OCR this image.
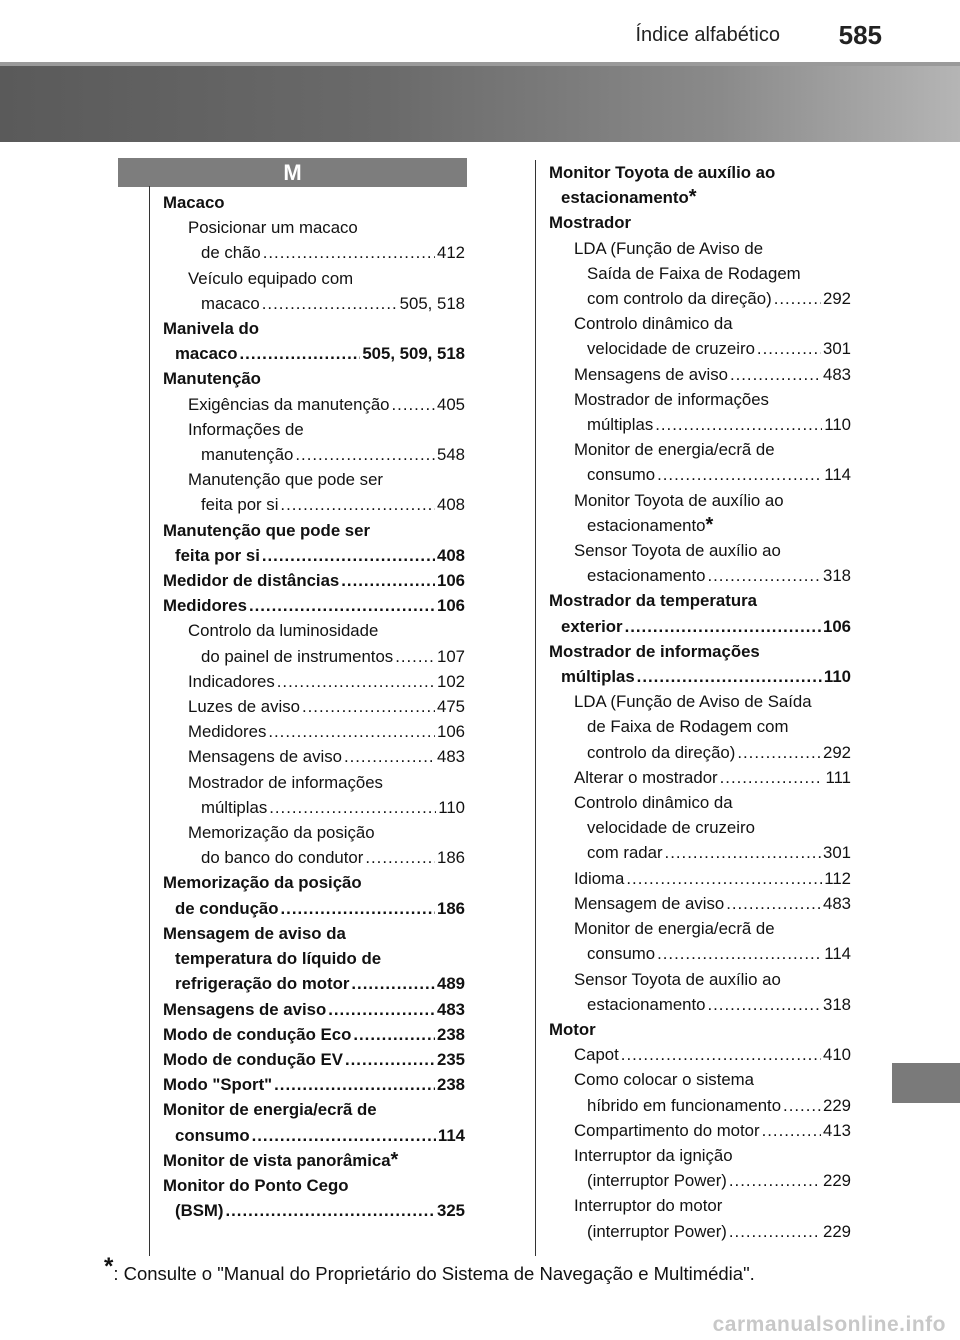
Índice alfabético 585
M
Macaco
Posicionar um macaco
de chão .....	412
Veículo equipado com
macaco .....	505, 518
Manivela do
macaco .....	505, 509, 518
Manutenção
Exigências da manutenção .....	405
Informações de
manutenção .....	548
Manutenção que pode ser
feita por si .....	408
Manutenção que pode ser
feita por si .....	408
Medidor de distâncias .....	106
Medidores .....	106
Controlo da luminosidade
do painel de instrumentos .....	107
Indicadores .....	102
Luzes de aviso .....	475
Medidores .....	106
Mensagens de aviso .....	483
Mostrador de informações
múltiplas .....	110
Memorização da posição
do banco do condutor .....	186
Memorização da posição
de condução .....	186
Mensagem de aviso da
temperatura do líquido de
refrigeração do motor .....	489
Mensagens de aviso .....	483
Modo de condução Eco .....	238
Modo de condução EV .....	235
Modo "Sport" .....	238
Monitor de energia/ecrã de
consumo .....	114
Monitor de vista panorâmica *
Monitor do Ponto Cego
(BSM) .....	325
Monitor Toyota de auxílio ao
estacionamento *
Mostrador
LDA (Função de Aviso de
Saída de Faixa de Rodagem
com controlo da direção) .....	292
Controlo dinâmico da
velocidade de cruzeiro .....	301
Mensagens de aviso .....	483
Mostrador de informações
múltiplas .....	110
Monitor de energia/ecrã de
consumo .....	114
Monitor Toyota de auxílio ao
estacionamento *
Sensor Toyota de auxílio ao
estacionamento .....	318
Mostrador da temperatura
exterior .....	106
Mostrador de informações
múltiplas .....	110
LDA (Função de Aviso de Saída
de Faixa de Rodagem com
controlo da direção) .....	292
Alterar o mostrador .....	111
Controlo dinâmico da
velocidade de cruzeiro
com radar .....	301
Idioma .....	112
Mensagem de aviso .....	483
Monitor de energia/ecrã de
consumo .....	114
Sensor Toyota de auxílio ao
estacionamento .....	318
Motor
Capot .....	410
Como colocar o sistema
híbrido em funcionamento ..... 229
Compartimento do motor .....	413
Interruptor da ignição
(interruptor Power) .....	229
Interruptor do motor
(interruptor Power) .....	229
*: Consulte o "Manual do Proprietário do Sistema de Navegação e Multimédia".
carmanualsonline.info
